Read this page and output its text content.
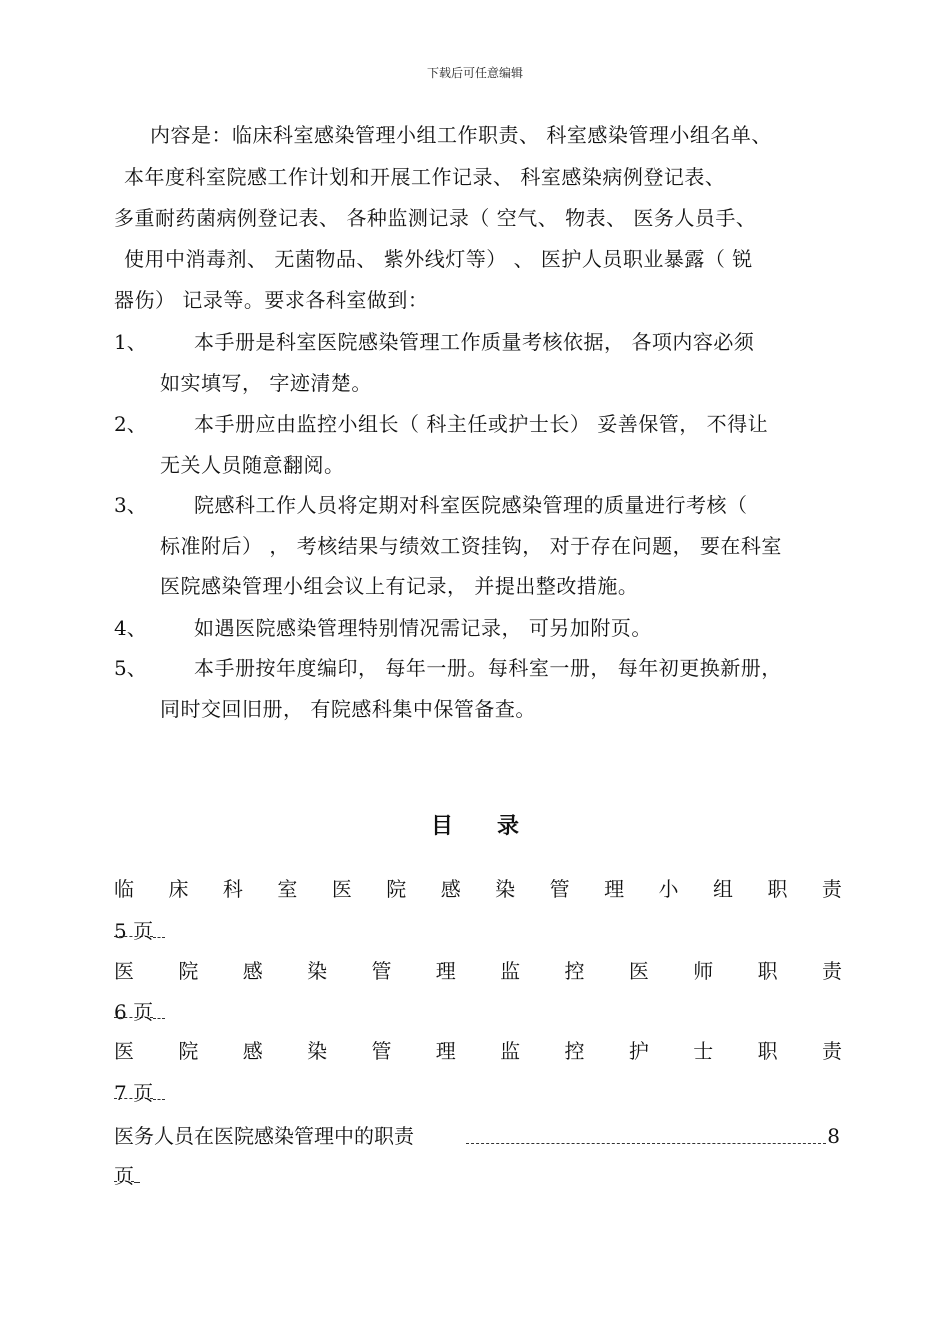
下载后可任意编辑
内容是：临床科室感染管理小组工作职责、 科室感染管理小组名单、
本年度科室院感工作计划和开展工作记录、 科室感染病例登记表、
多重耐药菌病例登记表、 各种监测记录（ 空气、 物表、 医务人员手、
使用中消毒剂、 无菌物品、 紫外线灯等） 、 医护人员职业暴露（ 锐
器伤） 记录等。要求各科室做到：
1、 本手册是科室医院感染管理工作质量考核依据， 各项内容必须
如实填写， 字迹清楚。
2、 本手册应由监控小组长（ 科主任或护士长） 妥善保管， 不得让
无关人员随意翻阅。
3、 院感科工作人员将定期对科室医院感染管理的质量进行考核（
标准附后） ， 考核结果与绩效工资挂钩， 对于存在问题， 要在科室
医院感染管理小组会议上有记录， 并提出整改措施。
4、 如遇医院感染管理特别情况需记录， 可另加附页。
5、 本手册按年度编印， 每年一册。每科室一册， 每年初更换新册，
同时交回旧册， 有院感科集中保管备查。
目录
临 床 科 室 医 院 感 染 管 理 小 组 职 责
5 页
医 院 感 染 管 理 监 控 医 师 职 责
6 页
医 院 感 染 管 理 监 控 护 士 职 责
7 页
医务人员在医院感染管理中的职责	8
页
